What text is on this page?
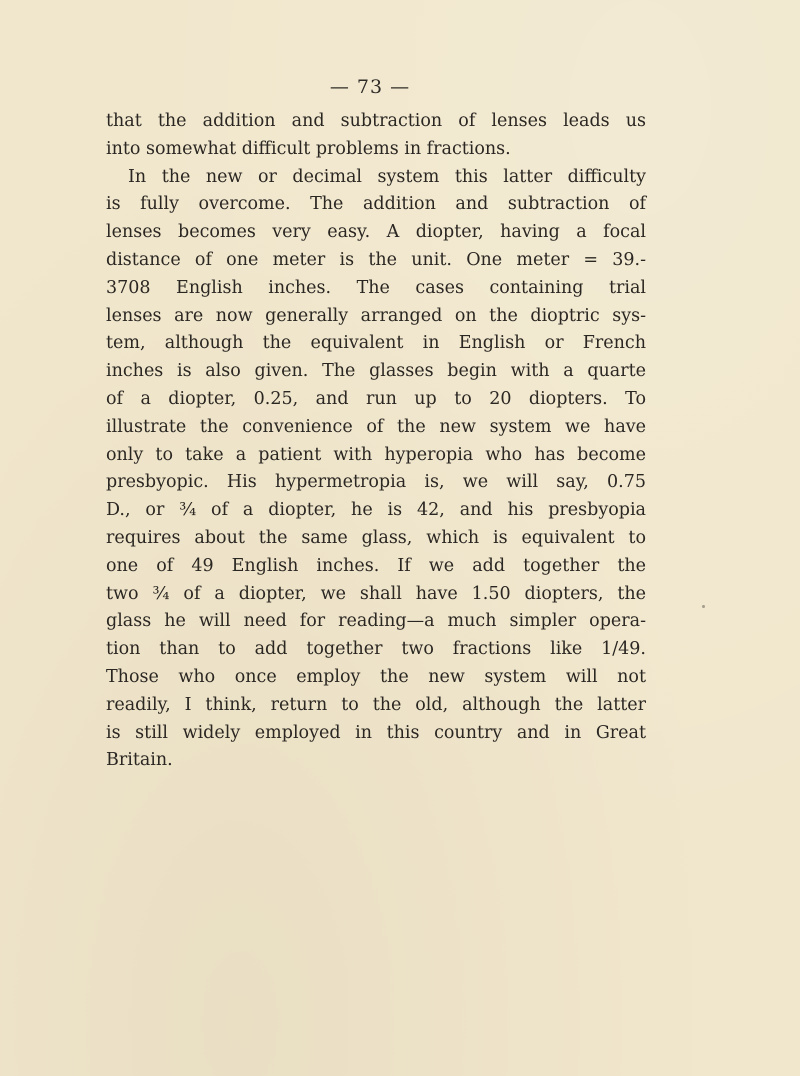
— 73 —
that the addition and subtraction of lenses leads us
into somewhat difficult problems in fractions.
In the new or decimal system this latter difficulty
is fully overcome. The addition and subtraction of
lenses becomes very easy. A diopter, having a focal
distance of one meter is the unit. One meter = 39.-
3708 English inches. The cases containing trial
lenses are now generally arranged on the dioptric sys-
tem, although the equivalent in English or French
inches is also given. The glasses begin with a quarte
of a diopter, 0.25, and run up to 20 diopters. To
illustrate the convenience of the new system we have
only to take a patient with hyperopia who has become
presbyopic. His hypermetropia is, we will say, 0.75
D., or ¾ of a diopter, he is 42, and his presbyopia
requires about the same glass, which is equivalent to
one of 49 English inches. If we add together the
two ¾ of a diopter, we shall have 1.50 diopters, the
glass he will need for reading—a much simpler opera-
tion than to add together two fractions like 1/49.
Those who once employ the new system will not
readily, I think, return to the old, although the latter
is still widely employed in this country and in Great
Britain.
